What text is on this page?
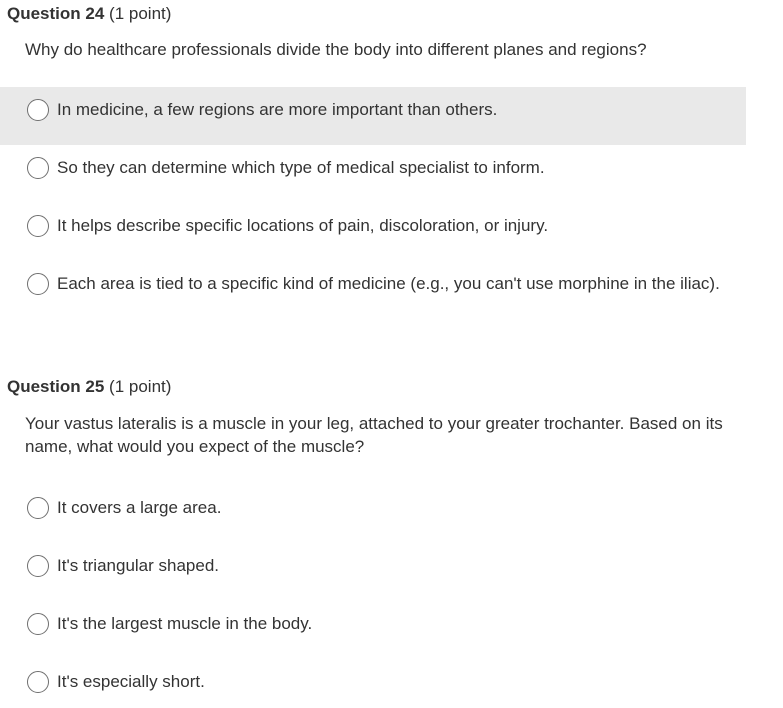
Question 24 (1 point)
Why do healthcare professionals divide the body into different planes and regions?
In medicine, a few regions are more important than others.
So they can determine which type of medical specialist to inform.
It helps describe specific locations of pain, discoloration, or injury.
Each area is tied to a specific kind of medicine (e.g., you can't use morphine in the iliac).
Question 25 (1 point)
Your vastus lateralis is a muscle in your leg, attached to your greater trochanter. Based on its name, what would you expect of the muscle?
It covers a large area.
It's triangular shaped.
It's the largest muscle in the body.
It's especially short.
